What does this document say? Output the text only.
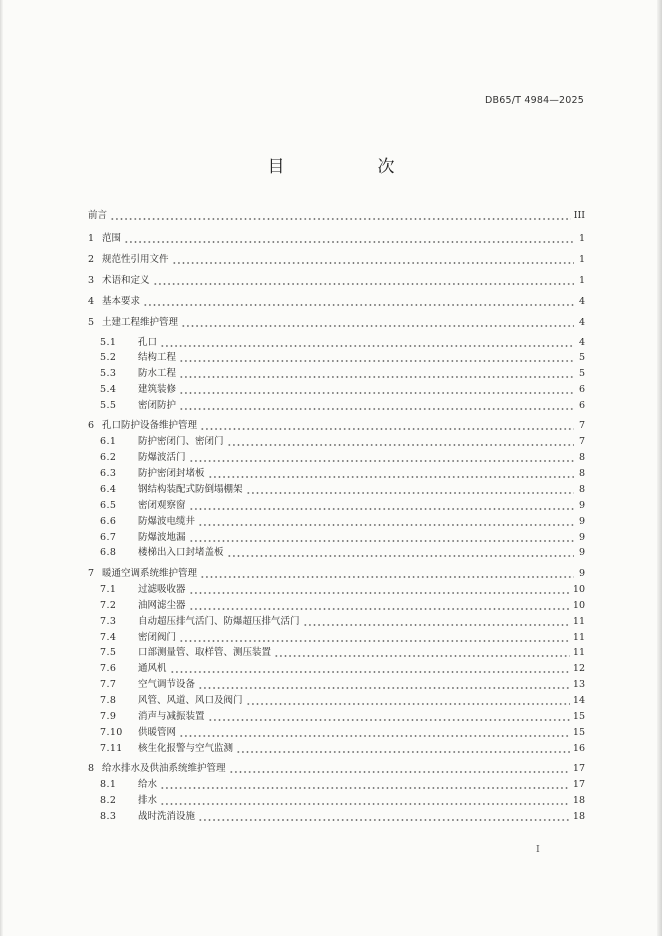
DB65/T 4984—2025
目　次
前言	III
1 范围	1
2 规范性引用文件	1
3 术语和定义	1
4 基本要求	4
5 土建工程维护管理	4
5.1	孔口	4
5.2	结构工程	5
5.3	防水工程	5
5.4	建筑装修	6
5.5	密闭防护	6
6 孔口防护设备维护管理	7
6.1	防护密闭门、密闭门	7
6.2	防爆波活门	8
6.3	防护密闭封堵板	8
6.4	钢结构装配式防倒塌棚架	8
6.5	密闭观察窗	9
6.6	防爆波电缆井	9
6.7	防爆波地漏	9
6.8	楼梯出入口封堵盖板	9
7 暖通空调系统维护管理	9
7.1	过滤吸收器	10
7.2	油网滤尘器	10
7.3	自动超压排气活门、防爆超压排气活门	11
7.4	密闭阀门	11
7.5	口部测量管、取样管、测压装置	11
7.6	通风机	12
7.7	空气调节设备	13
7.8	风管、风道、风口及阀门	14
7.9	消声与减振装置	15
7.10	供暖管网	15
7.11	核生化报警与空气监测	16
8 给水排水及供油系统维护管理	17
8.1	给水	17
8.2	排水	18
8.3	战时洗消设施	18
I
